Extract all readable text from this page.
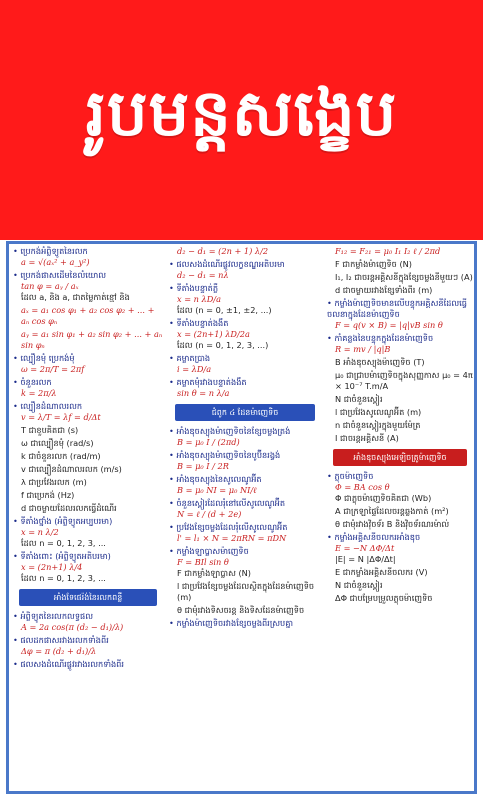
រូបមន្តសង្ខេប
• ប្រេកង់អំព្លិទ្យូតនៃរលក
a = √(aₓ² + a_y²)
• ប្រេកង់ផាសដើមនៃលំយោល
tan φ = aᵧ / aₓ
ដែល a, និង a, ជាតម្លៃកាត់ខ្មៅ និង
aₓ = a₁ cos φ₁ + a₂ cos φ₂ + ... + aₙ cos φₙ
aᵧ = a₁ sin φ₁ + a₂ sin φ₂ + ... + aₙ sin φₙ
• ល្បឿនមុំ ប្រេកង់មុំ
ω = 2π/T = 2πf
• ចំនួនរលក
k = 2π/λ
• ល្បឿនដំណាលរលក
v = λ/T = λf = d/Δt
T ជាខួបគិតជា (s)
ω ជាល្បឿនមុំ (rad/s)
k ជាចំនួនរលក (rad/m)
v ជាល្បឿនដំណាលរលក (m/s)
λ ជាប្រវែងរលក (m)
f ជាប្រេកង់ (Hz)
d ជាចម្ងាយដែលរលកធ្វើដំណើរ
• ទីតាំងថ្នាំង (អំព្លិទ្យូតអប្បបរមា)
x = n λ/2
ដែល n = 0, 1, 2, 3, ...
• ទីតាំងពោះ (អំព្លិទ្យូតអតិបរមា)
x = (2n+1) λ/4
ដែល n = 0, 1, 2, 3, ...
អាំងទែផេរ៉ង់នៃរលកពន្លឺ
• អំព្លិទ្យូតនៃរលកលទ្ធផល
A = 2a cos(π (d₂ − d₁)/λ)
• ផលដកផាសរវាងរលកទាំងពីរ
Δφ = π (d₂ + d₁)/λ
• ផលសងដំណើរផ្លូវរវាងរលកទាំងពីរ
d₂ − d₁ = (2n + 1) λ/2
• ផលសងដំណើរផ្លូវលក្ខខណ្ឌអតិបរមា
d₂ − d₁ = nλ
• ទីតាំងបន្ទាត់ភ្លឺ
x = n λD/a
ដែល (n = 0, ±1, ±2, ...)
• ទីតាំងបន្ទាត់ងងឹត
x = (2n+1) λD/2a
ដែល (n = 0, 1, 2, 3, ...)
• គម្លាតប្រាង
i = λD/a
• គម្លាតមុំរវាងបន្ទាត់ងងឹត
sin θ = n λ/a
ជំពូក ៤ ដែនម៉ាញេទិច
• អាំងឌុចស្យុងម៉ាញេទិចនៃខ្សែចម្លងត្រង់
B = μ₀ I / (2πd)
• អាំងឌុចស្យុងម៉ាញេទិចនៃបូប៊ីនរង្វង់
B = μ₀ I / 2R
• អាំងឌុចស្យុងនៃសូលេណូអ៊ីត
B = μ₀ NI = μ₀ NI/ℓ
• ចំនួនស្ពៀរដែលរុំនៅលើសូលេណូអ៊ីត
N = ℓ / (d + 2e)
• ប្រវែងខ្សែចម្លងដែលរុំលើសូលេណូអ៊ីត
l' = l₁ × N = 2πRN = πDN
• កម្លាំងឡាប្លាសម៉ាញេទិច
F = BIl sin θ
F ជាកម្លាំងឡាប្លាស (N)
l ជាប្រវែងខ្សែចម្លងដែលស្ថិតក្នុងដែនម៉ាញេទិច (m)
θ ជាមុំរវាងទិសចរន្ត និងទិសដែនម៉ាញេទិច
• កម្លាំងម៉ាញេទិចរវាងខ្សែចម្លងពីរស្របគ្នា
F₁₂ = F₂₁ = μ₀ I₁ I₂ ℓ / 2πd
F ជាកម្លាំងម៉ាញេទិច (N)
I₁, I₂ ជាចរន្តអគ្គិសនីក្នុងខ្សែចម្លងនីមួយៗ (A)
d ជាចម្ងាយរវាងខ្សែទាំងពីរ (m)
• កម្លាំងម៉ាញេទិចមានលើបន្ទុកអគ្គិសនីដែលធ្វើចលនាក្នុងដែនម៉ាញេទិច
F = q(v × B) = |q|vB sin θ
• កាំគន្លងនៃបន្ទុកក្នុងដែនម៉ាញេទិច
R = mv / |q|B
B អាំងឌុចស្យុងម៉ាញេទិច (T)
μ₀ ជាជ្រាបម៉ាញេទិចក្នុងសុញ្ញកាស μ₀ = 4π × 10⁻⁷ T.m/A
N ជាចំនួនស្ពៀរ
l ជាប្រវែងសូលេណូអ៊ីត (m)
n ជាចំនួនស្ពៀរក្នុងមួយម៉ែត្រ
I ជាចរន្តអគ្គិសនី (A)
អាំងឌុចស្យុងអេឡិចត្រូម៉ាញេទិច
• ភ្លុចម៉ាញេទិច
Φ = BA cos θ
Φ ជាភ្លុចម៉ាញេទិចគិតជា (Wb)
A ជាក្រឡាផ្ទៃដែលចរន្តឆ្លងកាត់ (m²)
θ ជាមុំរវាងវ៉ិចទ័រ B និងវ៉ិចទ័រណរម៉ាល់
• កម្លាំងអគ្គិសនីចលករអាំងឌុច
E = −N ΔΦ/Δt
|E| = N |ΔΦ/Δt|
E ជាកម្លាំងអគ្គិសនីចលករ (V)
N ជាចំនួនស្ពៀរ
ΔΦ ជាបម្រែបម្រួលភ្លុចម៉ាញេទិច
